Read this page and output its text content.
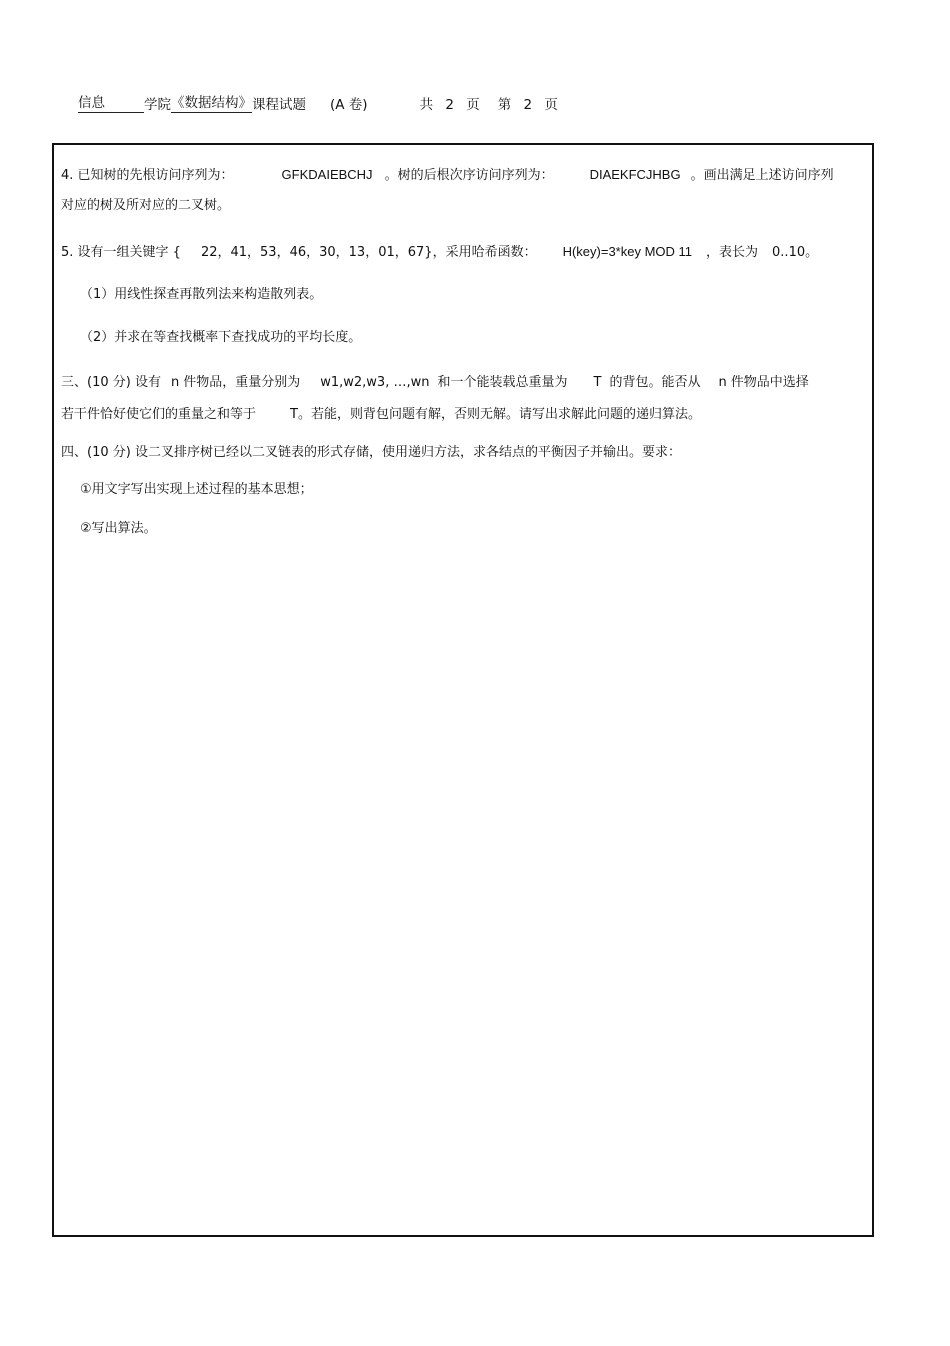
信息	学院《数据结构》课程试题 (A 卷)	共 2 页 第 2 页
4. 已知树的先根访问序列为：	GFKDAIEBCHJ 。树的后根次序访问序列为：	DIAEKFCJHBG 。画出满足上述访问序列
对应的树及所对应的二叉树。
5. 设有一组关键字 { 22，41，53，46，30，13，01，67}，采用哈希函数： H(key)=3*key MOD 11 ，表长为 0..10。
（1）用线性探查再散列法来构造散列表。
（2）并求在等查找概率下查找成功的平均长度。
三、(10 分) 设有 n 件物品，重量分别为 w1,w2,w3, …,wn 和一个能装载总重量为 T 的背包。能否从 n 件物品中选择
若干件恰好使它们的重量之和等于	T。若能，则背包问题有解，否则无解。请写出求解此问题的递归算法。
四、(10 分) 设二叉排序树已经以二叉链表的形式存储，使用递归方法，求各结点的平衡因子并输出。要求：
①用文字写出实现上述过程的基本思想；
②写出算法。
